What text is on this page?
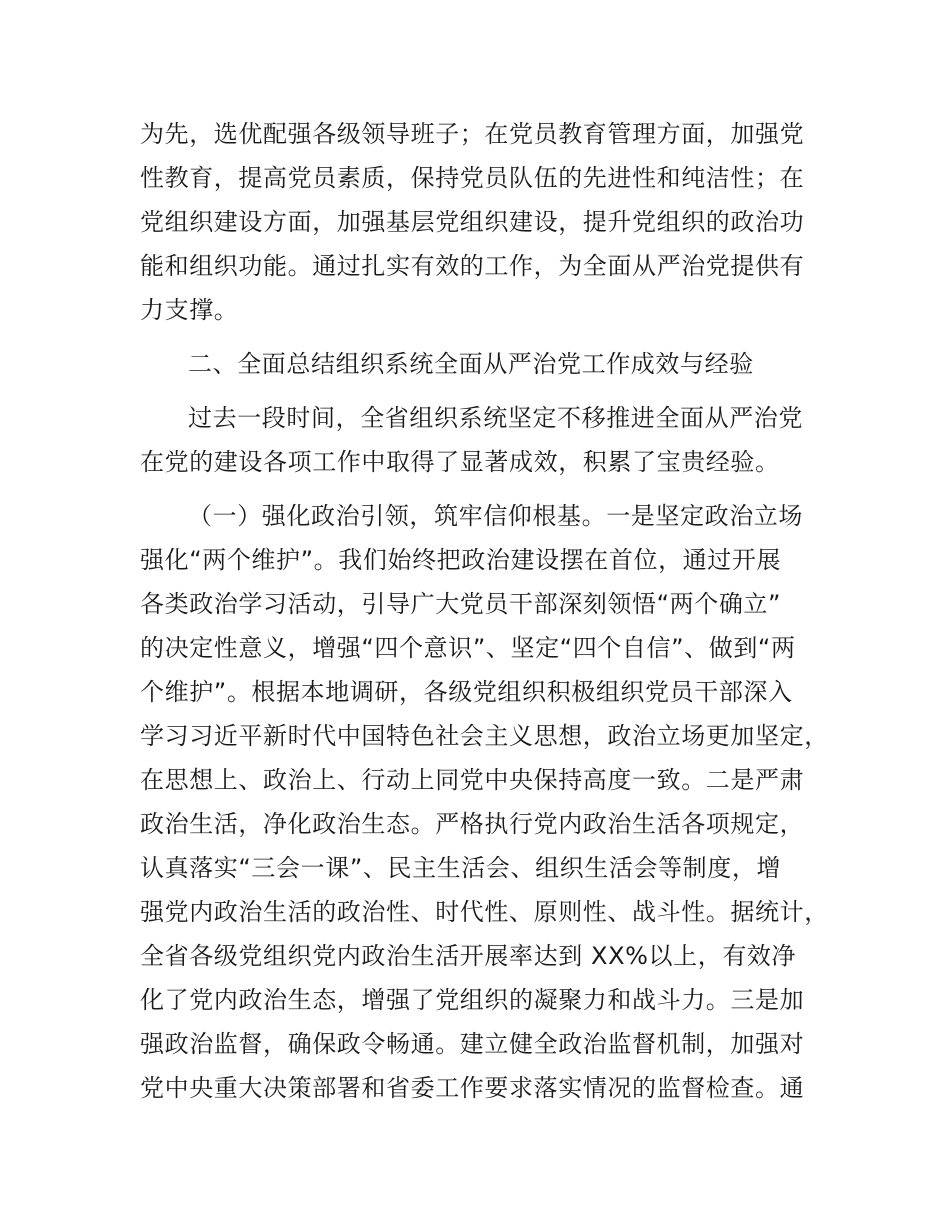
为先，选优配强各级领导班子；在党员教育管理方面，加强党

性教育，提高党员素质，保持党员队伍的先进性和纯洁性；在

党组织建设方面，加强基层党组织建设，提升党组织的政治功

能和组织功能。通过扎实有效的工作，为全面从严治党提供有

力支撑。

二、全面总结组织系统全面从严治党工作成效与经验

过去一段时间，全省组织系统坚定不移推进全面从严治党

在党的建设各项工作中取得了显著成效，积累了宝贵经验。

（一）强化政治引领，筑牢信仰根基。一是坚定政治立场

强化“两个维护”。我们始终把政治建设摆在首位，通过开展

各类政治学习活动，引导广大党员干部深刻领悟“两个确立”

的决定性意义，增强“四个意识”、坚定“四个自信”、做到“两

个维护”。根据本地调研，各级党组织积极组织党员干部深入

学习习近平新时代中国特色社会主义思想，政治立场更加坚定，

在思想上、政治上、行动上同党中央保持高度一致。二是严肃

政治生活，净化政治生态。严格执行党内政治生活各项规定，

认真落实“三会一课”、民主生活会、组织生活会等制度，增

强党内政治生活的政治性、时代性、原则性、战斗性。据统计，

全省各级党组织党内政治生活开展率达到 XX%以上，有效净

化了党内政治生态，增强了党组织的凝聚力和战斗力。三是加

强政治监督，确保政令畅通。建立健全政治监督机制，加强对

党中央重大决策部署和省委工作要求落实情况的监督检查。通
